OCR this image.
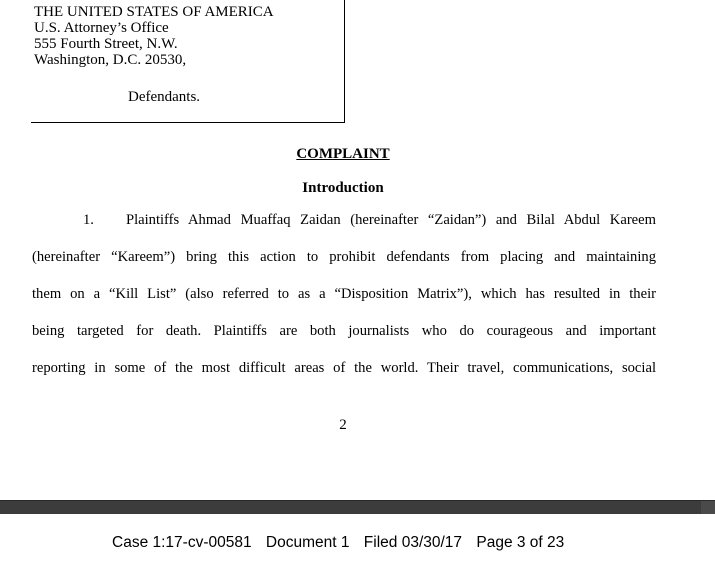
THE UNITED STATES OF AMERICA
U.S. Attorney’s Office
555 Fourth Street, N.W.
Washington, D.C. 20530,
Defendants.
COMPLAINT
Introduction
1. Plaintiffs Ahmad Muaffaq Zaidan (hereinafter “Zaidan”) and Bilal Abdul Kareem
(hereinafter “Kareem”) bring this action to prohibit defendants from placing and maintaining
them on a “Kill List” (also referred to as a “Disposition Matrix”), which has resulted in their
being targeted for death. Plaintiffs are both journalists who do courageous and important
reporting in some of the most difficult areas of the world. Their travel, communications, social
2
Case 1:17-cv-00581 Document 1 Filed 03/30/17 Page 3 of 23
